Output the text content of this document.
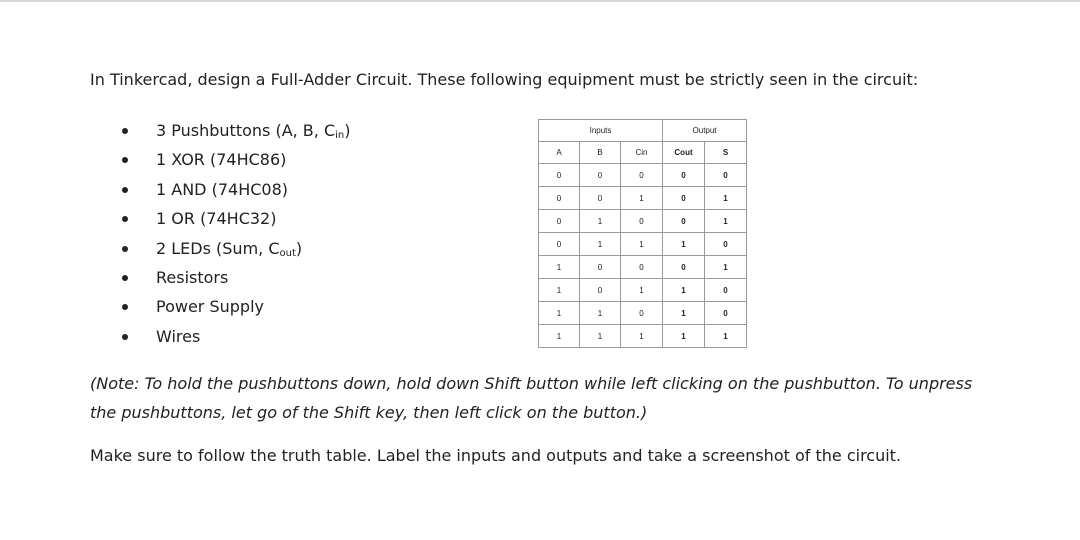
In Tinkercad, design a Full-Adder Circuit. These following equipment must be strictly seen in the circuit:

3 Pushbuttons (A, B, $C_{in}$)
1 XOR (74HC86)
1 AND (74HC08)
1 OR (74HC32)
2 LEDs (Sum, $C_{out}$)
Resistors
Power Supply
Wires
Inputs			Output	
A	B	Cin	Cout	S
0	0	0	0	0
0	0	1	0	1
0	1	0	0	1
0	1	1	1	0
1	0	0	0	1
1	0	1	1	0
1	1	0	1	0
1	1	1	1	1

(Note: To hold the pushbuttons down, hold down Shift button while left clicking on the pushbutton. To unpress the pushbuttons, let go of the Shift key, then left click on the button.)

Make sure to follow the truth table. Label the inputs and outputs and take a screenshot of the circuit.
